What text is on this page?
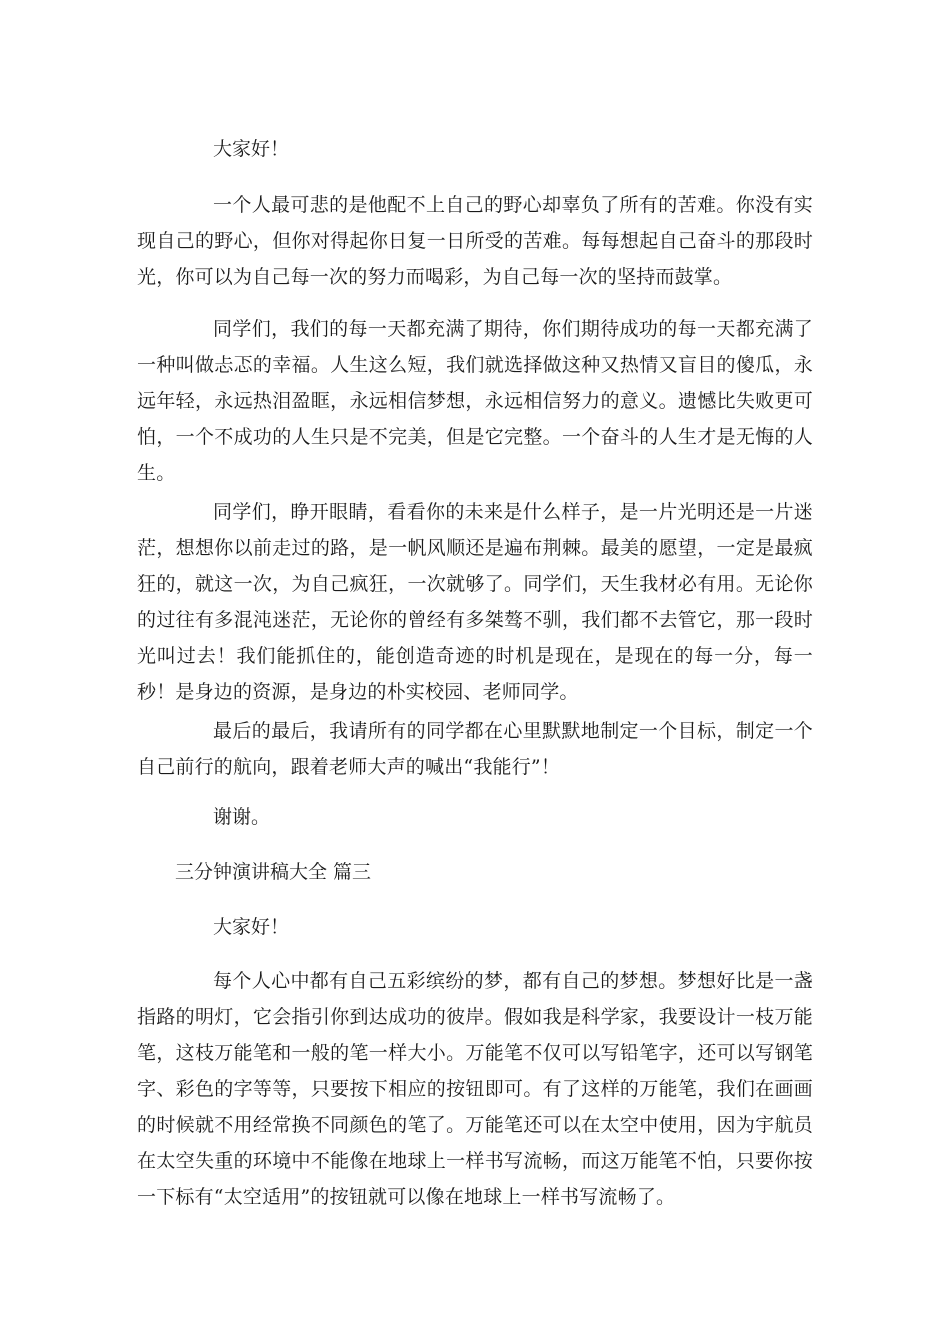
大家好！

一个人最可悲的是他配不上自己的野心却辜负了所有的苦难。你没有实现自己的野心，但你对得起你日复一日所受的苦难。每每想起自己奋斗的那段时光，你可以为自己每一次的努力而喝彩，为自己每一次的坚持而鼓掌。

同学们，我们的每一天都充满了期待，你们期待成功的每一天都充满了一种叫做忐忑的幸福。人生这么短，我们就选择做这种又热情又盲目的傻瓜，永远年轻，永远热泪盈眶，永远相信梦想，永远相信努力的意义。遗憾比失败更可怕，一个不成功的人生只是不完美，但是它完整。一个奋斗的人生才是无悔的人生。

同学们，睁开眼睛，看看你的未来是什么样子，是一片光明还是一片迷茫，想想你以前走过的路，是一帆风顺还是遍布荆棘。最美的愿望，一定是最疯狂的，就这一次，为自己疯狂，一次就够了。同学们，天生我材必有用。无论你的过往有多混沌迷茫，无论你的曾经有多桀骜不驯，我们都不去管它，那一段时光叫过去！我们能抓住的，能创造奇迹的时机是现在，是现在的每一分，每一秒！是身边的资源，是身边的朴实校园、老师同学。

最后的最后，我请所有的同学都在心里默默地制定一个目标，制定一个自己前行的航向，跟着老师大声的喊出“我能行”！

谢谢。
三分钟演讲稿大全 篇三
大家好！

每个人心中都有自己五彩缤纷的梦，都有自己的梦想。梦想好比是一盏指路的明灯，它会指引你到达成功的彼岸。假如我是科学家，我要设计一枝万能笔，这枝万能笔和一般的笔一样大小。万能笔不仅可以写铅笔字，还可以写钢笔字、彩色的字等等，只要按下相应的按钮即可。有了这样的万能笔，我们在画画的时候就不用经常换不同颜色的笔了。万能笔还可以在太空中使用，因为宇航员在太空失重的环境中不能像在地球上一样书写流畅，而这万能笔不怕，只要你按一下标有“太空适用”的按钮就可以像在地球上一样书写流畅了。
